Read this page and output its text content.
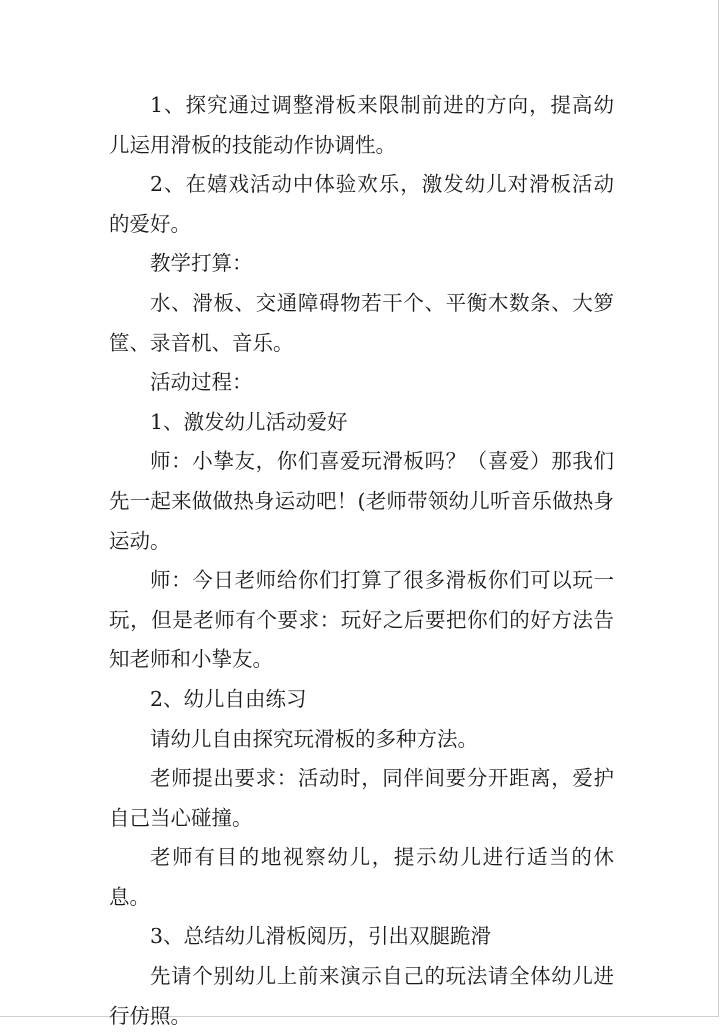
1、探究通过调整滑板来限制前进的方向，提高幼儿运用滑板的技能动作协调性。

2、在嬉戏活动中体验欢乐，激发幼儿对滑板活动的爱好。

教学打算：

水、滑板、交通障碍物若干个、平衡木数条、大箩筐、录音机、音乐。

活动过程：

1、激发幼儿活动爱好

师：小挚友，你们喜爱玩滑板吗？（喜爱）那我们先一起来做做热身运动吧！(老师带领幼儿听音乐做热身运动。

师：今日老师给你们打算了很多滑板你们可以玩一玩，但是老师有个要求：玩好之后要把你们的好方法告知老师和小挚友。

2、幼儿自由练习

请幼儿自由探究玩滑板的多种方法。

老师提出要求：活动时，同伴间要分开距离，爱护自己当心碰撞。

老师有目的地视察幼儿，提示幼儿进行适当的休息。

3、总结幼儿滑板阅历，引出双腿跪滑

先请个别幼儿上前来演示自己的玩法请全体幼儿进行仿照。
